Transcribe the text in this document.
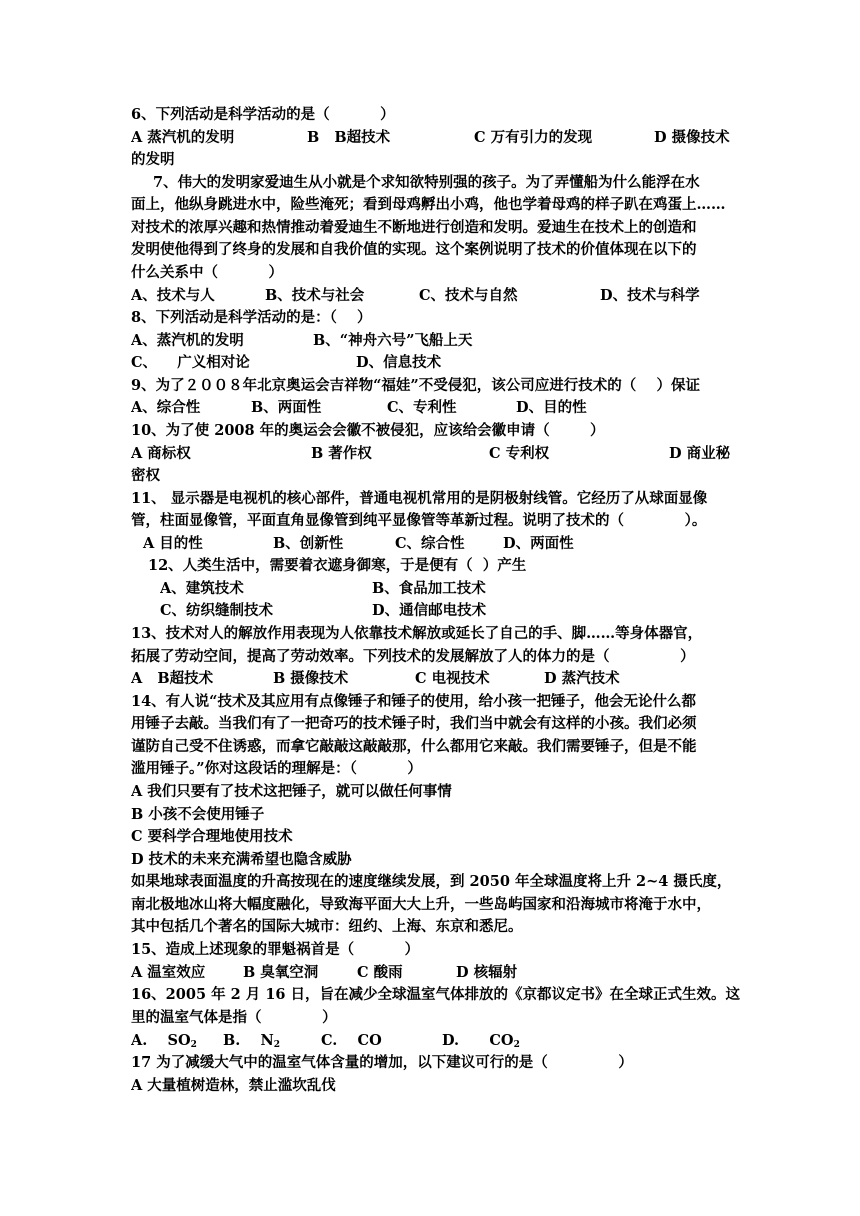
6、下列活动是科学活动的是（          ）
A 蒸汽机的发明	B   B超技术	C 万有引力的发现	D 摄像技术
的发明
7、伟大的发明家爱迪生从小就是个求知欲特别强的孩子。为了弄懂船为什么能浮在水
面上，他纵身跳进水中，险些淹死；看到母鸡孵出小鸡，他也学着母鸡的样子趴在鸡蛋上……
对技术的浓厚兴趣和热情推动着爱迪生不断地进行创造和发明。爱迪生在技术上的创造和
发明使他得到了终身的发展和自我价值的实现。这个案例说明了技术的价值体现在以下的
什么关系中（          ）
A、技术与人	B、技术与社会	C、技术与自然	D、技术与科学
8、下列活动是科学活动的是：（    ）
A、蒸汽机的发明	B、“神舟六号”飞船上天
C、    广义相对论	D、信息技术
9、为了２００８年北京奥运会吉祥物“福娃”不受侵犯，该公司应进行技术的（    ）保证
A、综合性	B、两面性	C、专利性	D、目的性
10、为了使 2008 年的奥运会会徽不被侵犯，应该给会徽申请（        ）
A 商标权	B 著作权	C 专利权	D 商业秘
密权
11、 显示器是电视机的核心部件，普通电视机常用的是阴极射线管。它经历了从球面显像
管，柱面显像管，平面直角显像管到纯平显像管等革新过程。说明了技术的（            ）。
A 目的性	B、创新性	C、综合性	D、两面性
12、人类生活中，需要着衣遮身御寒，于是便有（  ）产生
A、建筑技术	B、食品加工技术
C、纺织缝制技术	D、通信邮电技术
13、技术对人的解放作用表现为人依靠技术解放或延长了自己的手、脚……等身体器官，
拓展了劳动空间，提高了劳动效率。下列技术的发展解放了人的体力的是（              ）
A   B超技术	B 摄像技术	C 电视技术	D 蒸汽技术
14、有人说“技术及其应用有点像锤子和锤子的使用，给小孩一把锤子，他会无论什么都
用锤子去敲。当我们有了一把奇巧的技术锤子时，我们当中就会有这样的小孩。我们必须
谨防自己受不住诱惑，而拿它敲敲这敲敲那，什么都用它来敲。我们需要锤子，但是不能
滥用锤子。”你对这段话的理解是：（          ）
A 我们只要有了技术这把锤子，就可以做任何事情
B 小孩不会使用锤子
C 要科学合理地使用技术
D 技术的未来充满希望也隐含威胁
如果地球表面温度的升高按现在的速度继续发展，到 2050 年全球温度将上升 2~4 摄氏度，
南北极地冰山将大幅度融化，导致海平面大大上升，一些岛屿国家和沿海城市将淹于水中，
其中包括几个著名的国际大城市：纽约、上海、东京和悉尼。
15、造成上述现象的罪魁祸首是（          ）
A 温室效应	B 臭氧空洞	C 酸雨	D 核辐射
16、2005 年 2 月 16 日，旨在减少全球温室气体排放的《京都议定书》在全球正式生效。这
里的温室气体是指（            ）
A.    $SO_2$ B.    $N_2$	C.    CO	D.      $CO_2$
17 为了减缓大气中的温室气体含量的增加，以下建议可行的是（              ）
A 大量植树造林，禁止滥坎乱伐
